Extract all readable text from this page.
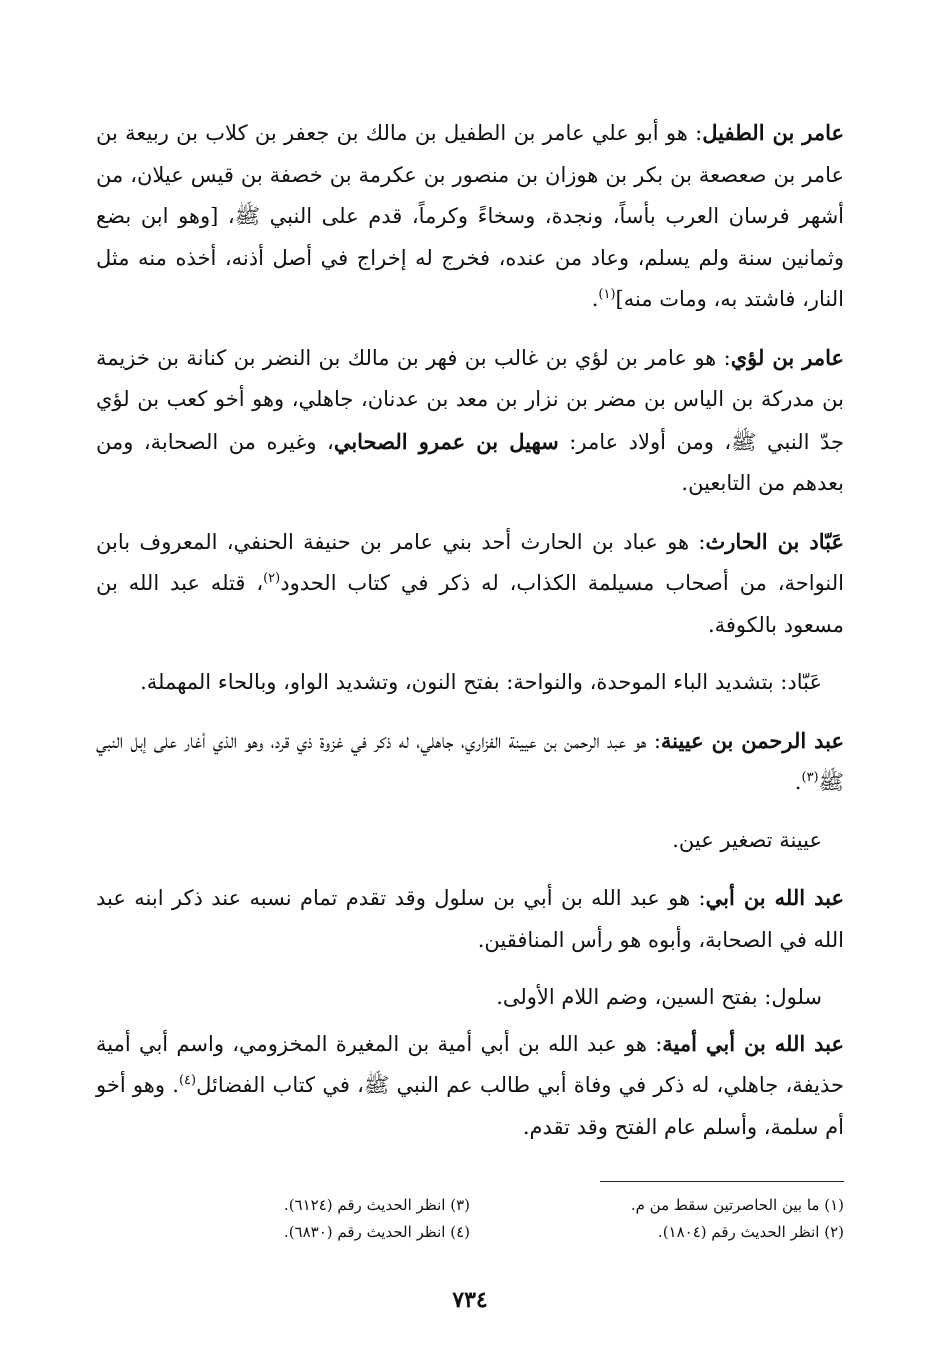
عامر بن الطفيل: هو أبو علي عامر بن الطفيل بن مالك بن جعفر بن كلاب بن ربيعة بن عامر بن صعصعة بن بكر بن هوزان بن منصور بن عكرمة بن خصفة بن قيس عيلان، من أشهر فرسان العرب بأساً، ونجدة، وسخاءً وكرماً، قدم على النبي ﷺ، [وهو ابن بضع وثمانين سنة ولم يسلم، وعاد من عنده، فخرج له إخراج في أصل أذنه، أخذه منه مثل النار، فاشتد به، ومات منه]$^{(١)}$.

عامر بن لؤي: هو عامر بن لؤي بن غالب بن فهر بن مالك بن النضر بن كنانة بن خزيمة بن مدركة بن الياس بن مضر بن نزار بن معد بن عدنان، جاهلي، وهو أخو كعب بن لؤي جدّ النبي ﷺ، ومن أولاد عامر: سهيل بن عمرو الصحابي، وغيره من الصحابة، ومن بعدهم من التابعين.

عَبّاد بن الحارث: هو عباد بن الحارث أحد بني عامر بن حنيفة الحنفي، المعروف بابن النواحة، من أصحاب مسيلمة الكذاب، له ذكر في كتاب الحدود$^{(٢)}$، قتله عبد الله بن مسعود بالكوفة.

عَبّاد: بتشديد الباء الموحدة، والنواحة: بفتح النون، وتشديد الواو، وبالحاء المهملة.

عبد الرحمن بن عيينة: هو عبد الرحمن بن عيينة الفزاري، جاهلي، له ذكر في غزوة ذي قرد، وهو الذي أغار على إبل النبي ﷺ$^{(٣)}$.

عيينة تصغير عين.

عبد الله بن أبي: هو عبد الله بن أبي بن سلول وقد تقدم تمام نسبه عند ذكر ابنه عبد الله في الصحابة، وأبوه هو رأس المنافقين.

سلول: بفتح السين، وضم اللام الأولى.

عبد الله بن أبي أمية: هو عبد الله بن أبي أمية بن المغيرة المخزومي، واسم أبي أمية حذيفة، جاهلي، له ذكر في وفاة أبي طالب عم النبي ﷺ، في كتاب الفضائل$^{(٤)}$. وهو أخو أم سلمة، وأسلم عام الفتح وقد تقدم.

(١) ما بين الحاصرتين سقط من م.
(٣) انظر الحديث رقم (٦١٢٤).
(٢) انظر الحديث رقم (١٨٠٤).
(٤) انظر الحديث رقم (٦٨٣٠).
٧٣٤
